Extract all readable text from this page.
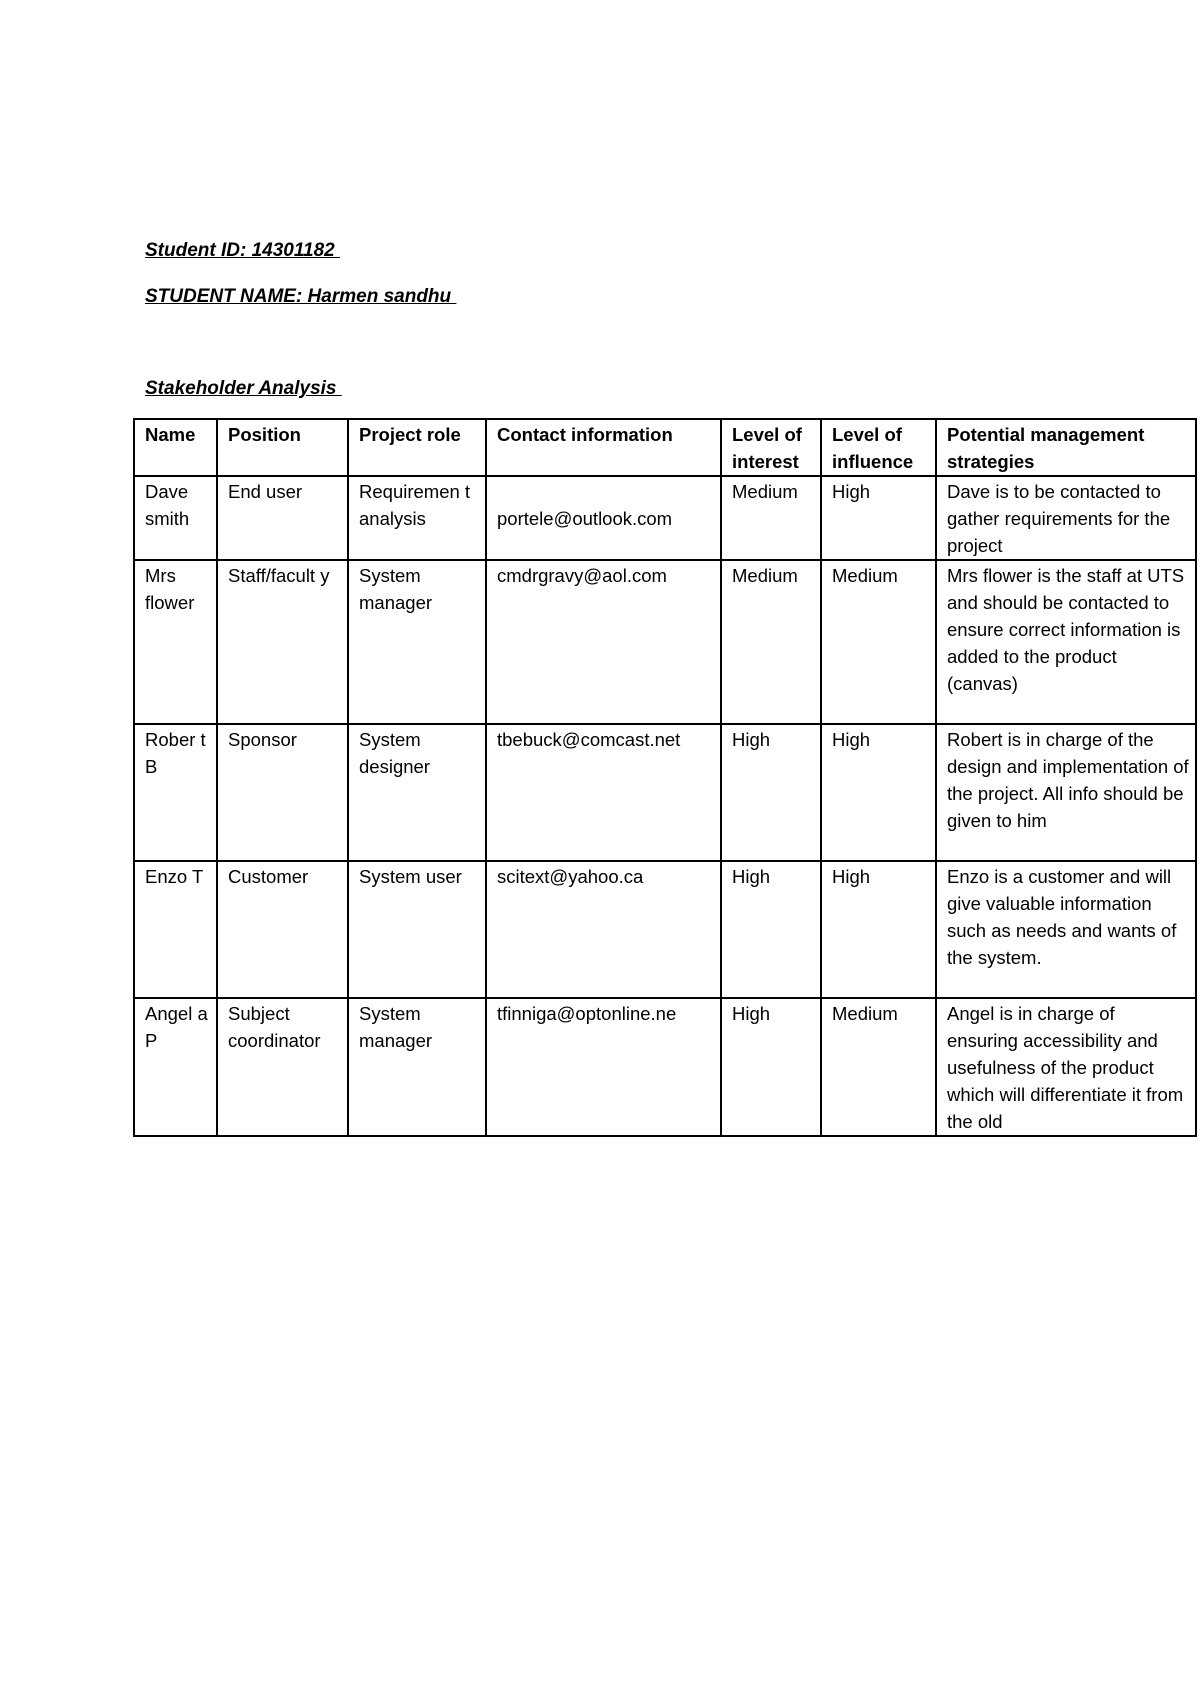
Student ID: 14301182

STUDENT NAME: Harmen sandhu

Stakeholder Analysis

Name	Position	Project role	Contact information	Level of interest	Level of influence	Potential management strategies
Dave smith	End user	Requiremen t analysis	portele@outlook.com	Medium	High	Dave is to be contacted to gather requirements for the project
Mrs flower	Staff/facult y	System manager	cmdrgravy@aol.com	Medium	Medium	Mrs flower is the staff at UTS and should be contacted to ensure correct information is added to the product (canvas)
Rober t B	Sponsor	System designer	tbebuck@comcast.net	High	High	Robert is in charge of the design and implementation of the project. All info should be given to him
Enzo T	Customer	System user	scitext@yahoo.ca	High	High	Enzo is a customer and will give valuable information such as needs and wants of the system.
Angel a P	Subject coordinator	System manager	tfinniga@optonline.ne	High	Medium	Angel is in charge of ensuring accessibility and usefulness of the product which will differentiate it from the old
